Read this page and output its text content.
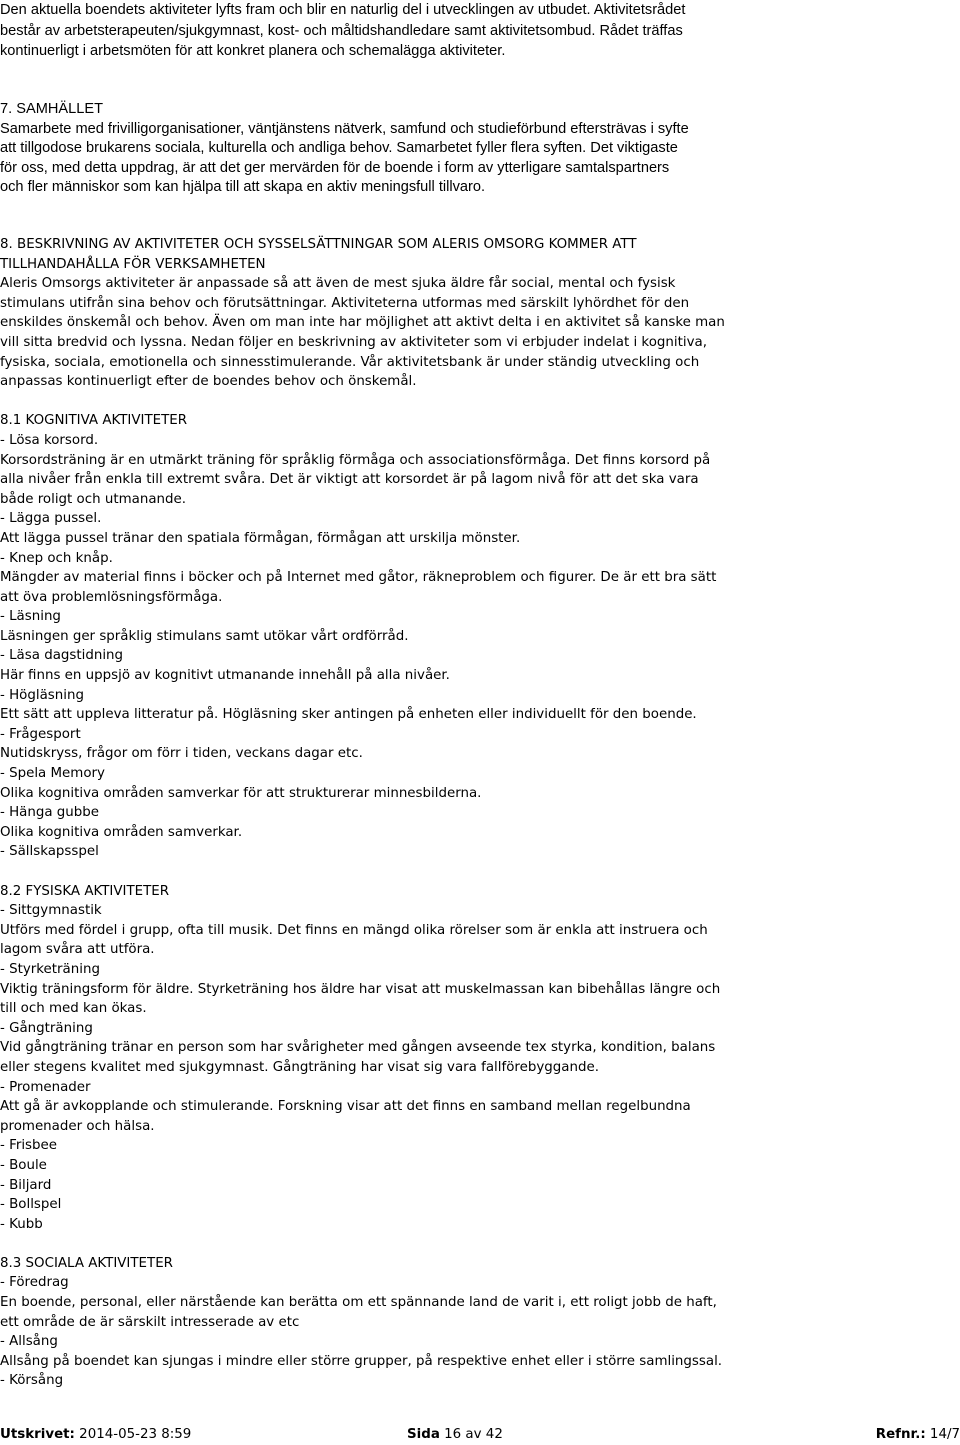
Den aktuella boendets aktiviteter lyfts fram och blir en naturlig del i utvecklingen av utbudet. Aktivitetsrådet
består av arbetsterapeuten/sjukgymnast, kost- och måltidshandledare samt aktivitetsombud. Rådet träffas
kontinuerligt i arbetsmöten för att konkret planera och schemalägga aktiviteter.
7. SAMHÄLLET
Samarbete med frivilligorganisationer, väntjänstens nätverk, samfund och studieförbund eftersträvas i syfte
att tillgodose brukarens sociala, kulturella och andliga behov. Samarbetet fyller flera syften. Det viktigaste
för oss, med detta uppdrag, är att det ger mervärden för de boende i form av ytterligare samtalspartners
och fler människor som kan hjälpa till att skapa en aktiv meningsfull tillvaro.
8. BESKRIVNING AV AKTIVITETER OCH SYSSELSÄTTNINGAR SOM ALERIS OMSORG KOMMER ATT
TILLHANDAHÅLLA FÖR VERKSAMHETEN
Aleris Omsorgs aktiviteter är anpassade så att även de mest sjuka äldre får social, mental och fysisk
stimulans utifrån sina behov och förutsättningar. Aktiviteterna utformas med särskilt lyhördhet för den
enskildes önskemål och behov. Även om man inte har möjlighet att aktivt delta i en aktivitet så kanske man
vill sitta bredvid och lyssna. Nedan följer en beskrivning av aktiviteter som vi erbjuder indelat i kognitiva,
fysiska, sociala, emotionella och sinnesstimulerande. Vår aktivitetsbank är under ständig utveckling och
anpassas kontinuerligt efter de boendes behov och önskemål.

8.1 KOGNITIVA AKTIVITETER
- Lösa korsord.
Korsordsträning är en utmärkt träning för språklig förmåga och associationsförmåga. Det finns korsord på
alla nivåer från enkla till extremt svåra. Det är viktigt att korsordet är på lagom nivå för att det ska vara
både roligt och utmanande.
- Lägga pussel.
Att lägga pussel tränar den spatiala förmågan, förmågan att urskilja mönster.
- Knep och knåp.
Mängder av material finns i böcker och på Internet med gåtor, räkneproblem och figurer. De är ett bra sätt
att öva problemlösningsförmåga.
- Läsning
Läsningen ger språklig stimulans samt utökar vårt ordförråd.
- Läsa dagstidning
Här finns en uppsjö av kognitivt utmanande innehåll på alla nivåer.
- Högläsning
Ett sätt att uppleva litteratur på. Högläsning sker antingen på enheten eller individuellt för den boende.
- Frågesport
Nutidskryss, frågor om förr i tiden, veckans dagar etc.
- Spela Memory
Olika kognitiva områden samverkar för att strukturerar minnesbilderna.
- Hänga gubbe
Olika kognitiva områden samverkar.
- Sällskapsspel

8.2 FYSISKA AKTIVITETER
- Sittgymnastik
Utförs med fördel i grupp, ofta till musik. Det finns en mängd olika rörelser som är enkla att instruera och
lagom svåra att utföra.
- Styrketräning
Viktig träningsform för äldre. Styrketräning hos äldre har visat att muskelmassan kan bibehållas längre och
till och med kan ökas.
- Gångträning
Vid gångträning tränar en person som har svårigheter med gången avseende tex styrka, kondition, balans
eller stegens kvalitet med sjukgymnast. Gångträning har visat sig vara fallförebyggande.
- Promenader
Att gå är avkopplande och stimulerande. Forskning visar att det finns en samband mellan regelbundna
promenader och hälsa.
- Frisbee
- Boule
- Biljard
- Bollspel
- Kubb

8.3 SOCIALA AKTIVITETER
- Föredrag
En boende, personal, eller närstående kan berätta om ett spännande land de varit i, ett roligt jobb de haft,
ett område de är särskilt intresserade av etc
- Allsång
Allsång på boendet kan sjungas i mindre eller större grupper, på respektive enhet eller i större samlingssal.
- Körsång
Utskrivet: 2014-05-23 8:59	Sida 16 av 42	Refnr.: 14/7
